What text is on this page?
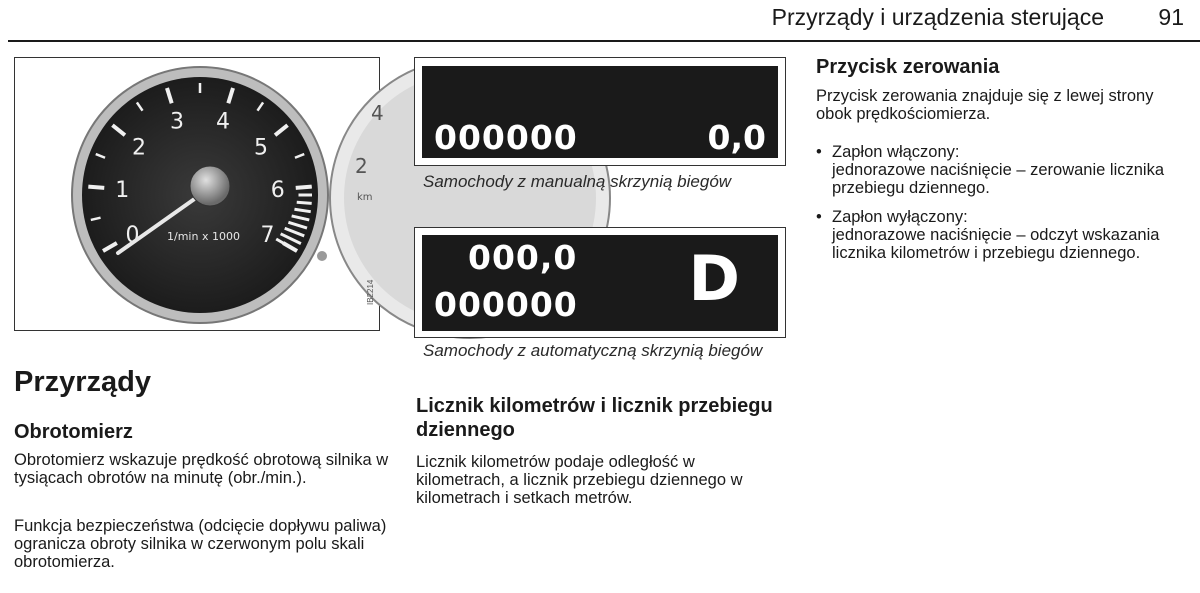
Przyrządy i urządzenia sterujące 91
0
1
2
3 4
5
6
7
1/min x 1000
4
2
km
IB2214
000000	0,0
Samochody z manualną skrzynią biegów
000,0
000000 D
Samochody z automatyczną skrzynią biegów
Przyrządy
Obrotomierz
Obrotomierz wskazuje prędkość obrotową silnika w tysiącach obrotów na minutę (obr./min.).
Funkcja bezpieczeństwa (odcięcie dopływu paliwa) ogranicza obroty silnika w czerwonym polu skali obrotomierza.
Licznik kilometrów i licznik przebiegu dziennego
Licznik kilometrów podaje odległość w kilometrach, a licznik przebiegu dziennego w kilometrach i setkach metrów.
Przycisk zerowania
Przycisk zerowania znajduje się z lewej strony obok prędkościomierza.
• Zapłon włączony:
jednorazowe naciśnięcie – zerowanie licznika przebiegu dziennego.
• Zapłon wyłączony:
jednorazowe naciśnięcie – odczyt wskazania licznika kilometrów i przebiegu dziennego.
